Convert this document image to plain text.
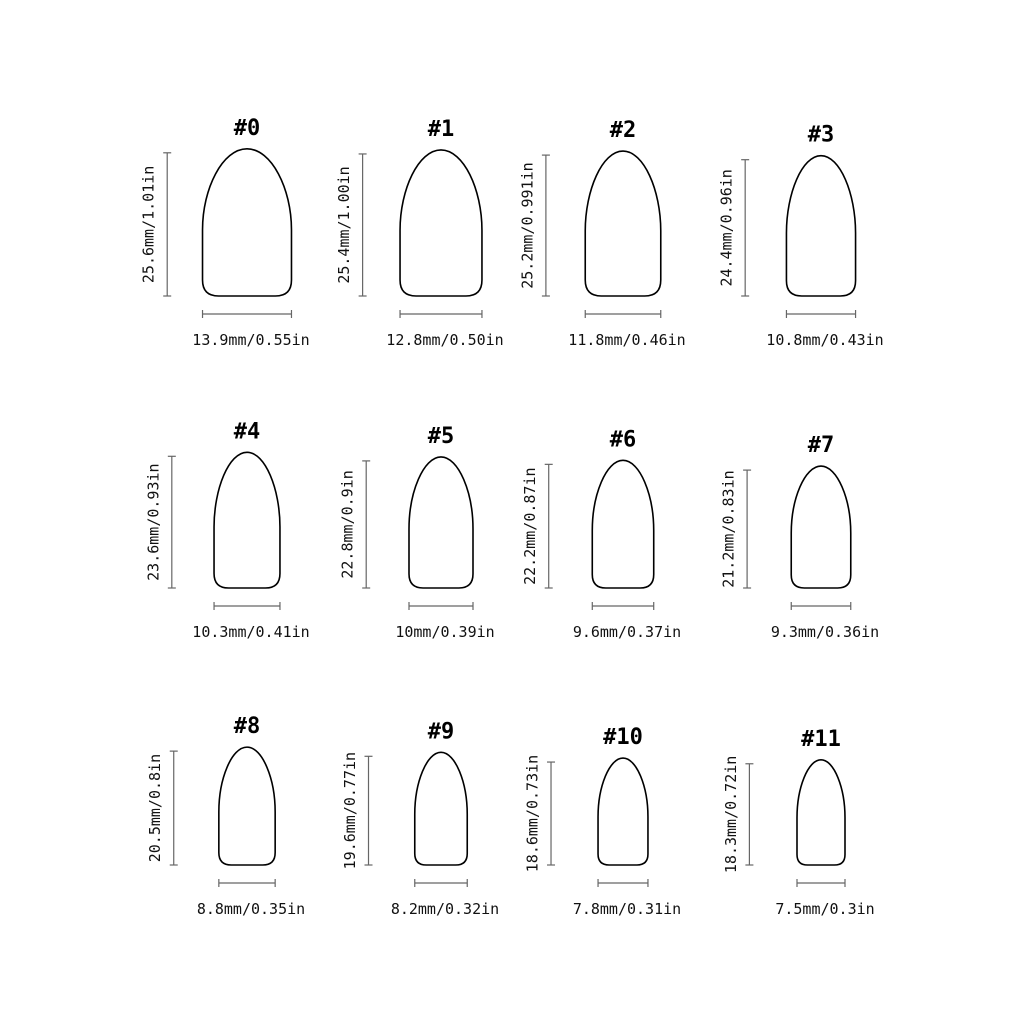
#0
25.6mm/1.01in
13.9mm/0.55in
#1
25.4mm/1.00in
12.8mm/0.50in
#2
25.2mm/0.991in
11.8mm/0.46in
#3
24.4mm/0.96in
10.8mm/0.43in
#4
23.6mm/0.93in
10.3mm/0.41in
#5
22.8mm/0.9in
10mm/0.39in
#6
22.2mm/0.87in
9.6mm/0.37in
#7
21.2mm/0.83in
9.3mm/0.36in
#8
20.5mm/0.8in
8.8mm/0.35in
#9
19.6mm/0.77in
8.2mm/0.32in
#10
18.6mm/0.73in
7.8mm/0.31in
#11
18.3mm/0.72in
7.5mm/0.3in
